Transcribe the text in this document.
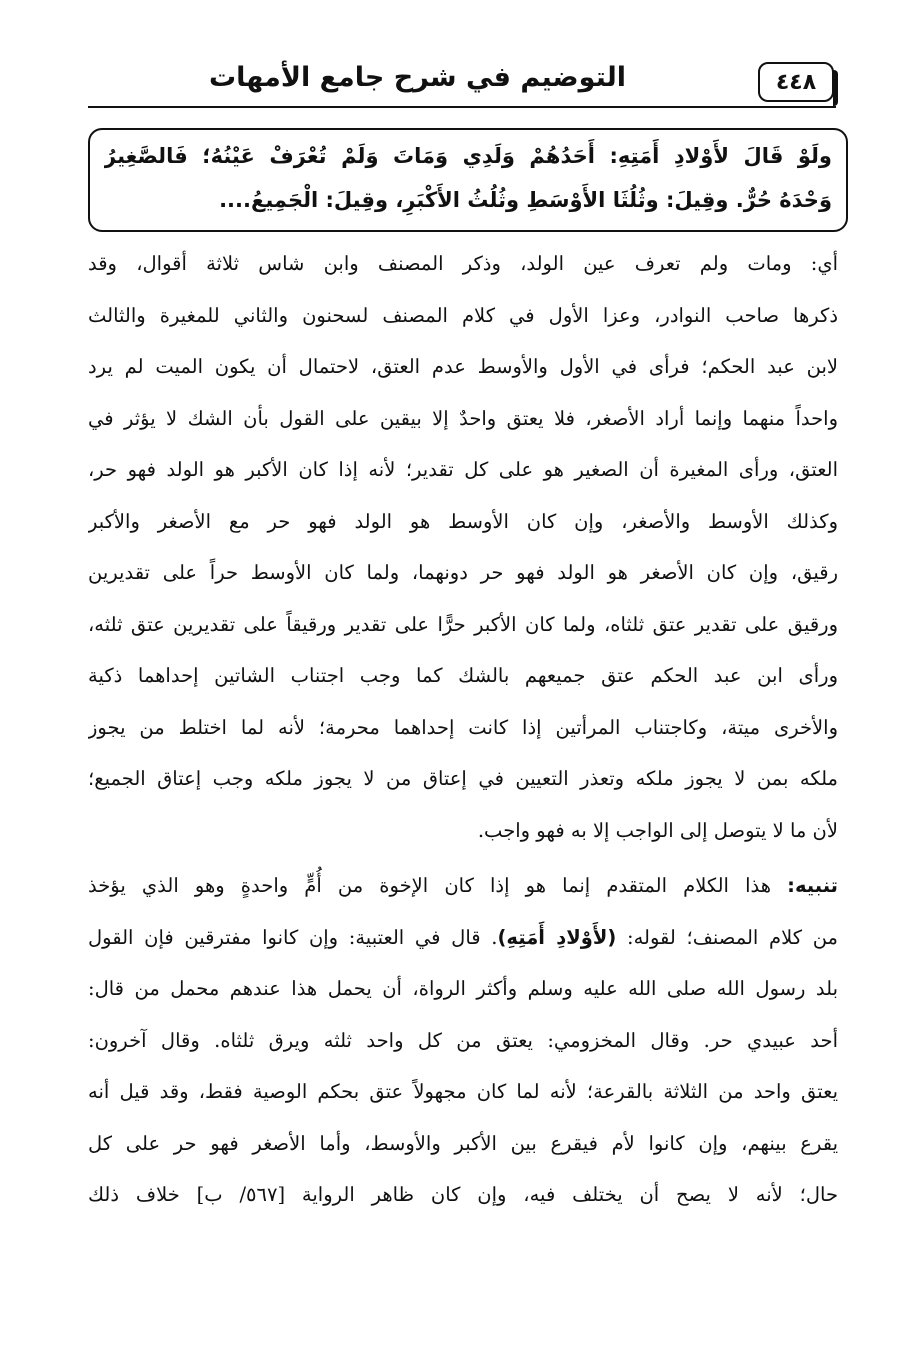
٤٤٨
التوضيم في شرح جامع الأمهات
ولَوْ قَالَ لأَوْلادِ أَمَتِهِ: أَحَدُهُمْ وَلَدِي وَمَاتَ وَلَمْ تُعْرَفْ عَيْنُهُ؛ فَالصَّغِيرُ
وَحْدَهُ حُرٌّ. وقِيلَ: وثُلُثَا الأَوْسَطِ وثُلُثُ الأَكْبَرِ، وقِيلَ: الْجَمِيعُ....
أي: ومات ولم تعرف عين الولد، وذكر المصنف وابن شاس ثلاثة أقوال، وقد
ذكرها صاحب النوادر، وعزا الأول في كلام المصنف لسحنون والثاني للمغيرة والثالث
لابن عبد الحكم؛ فرأى في الأول والأوسط عدم العتق، لاحتمال أن يكون الميت لم يرد
واحداً منهما وإنما أراد الأصغر، فلا يعتق واحدٌ إلا بيقين على القول بأن الشك لا يؤثر في
العتق، ورأى المغيرة أن الصغير هو على كل تقدير؛ لأنه إذا كان الأكبر هو الولد فهو حر،
وكذلك الأوسط والأصغر، وإن كان الأوسط هو الولد فهو حر مع الأصغر والأكبر
رقيق، وإن كان الأصغر هو الولد فهو حر دونهما، ولما كان الأوسط حراً على تقديرين
ورقيق على تقدير عتق ثلثاه، ولما كان الأكبر حرًّا على تقدير ورقيقاً على تقديرين عتق ثلثه،
ورأى ابن عبد الحكم عتق جميعهم بالشك كما وجب اجتناب الشاتين إحداهما ذكية
والأخرى ميتة، وكاجتناب المرأتين إذا كانت إحداهما محرمة؛ لأنه لما اختلط من يجوز
ملكه بمن لا يجوز ملكه وتعذر التعيين في إعتاق من لا يجوز ملكه وجب إعتاق الجميع؛
لأن ما لا يتوصل إلى الواجب إلا به فهو واجب.
تنبيه: هذا الكلام المتقدم إنما هو إذا كان الإخوة من أُمٍّ واحدةٍ وهو الذي يؤخذ
من كلام المصنف؛ لقوله: (لأَوْلادِ أَمَتِهِ). قال في العتبية: وإن كانوا مفترقين فإن القول
بلد رسول الله صلى الله عليه وسلم وأكثر الرواة، أن يحمل هذا عندهم محمل من قال:
أحد عبيدي حر. وقال المخزومي: يعتق من كل واحد ثلثه ويرق ثلثاه. وقال آخرون:
يعتق واحد من الثلاثة بالقرعة؛ لأنه لما كان مجهولاً عتق بحكم الوصية فقط، وقد قيل أنه
يقرع بينهم، وإن كانوا لأم فيقرع بين الأكبر والأوسط، وأما الأصغر فهو حر على كل
حال؛ لأنه لا يصح أن يختلف فيه، وإن كان ظاهر الرواية [٥٦٧/ ب] خلاف ذلك
